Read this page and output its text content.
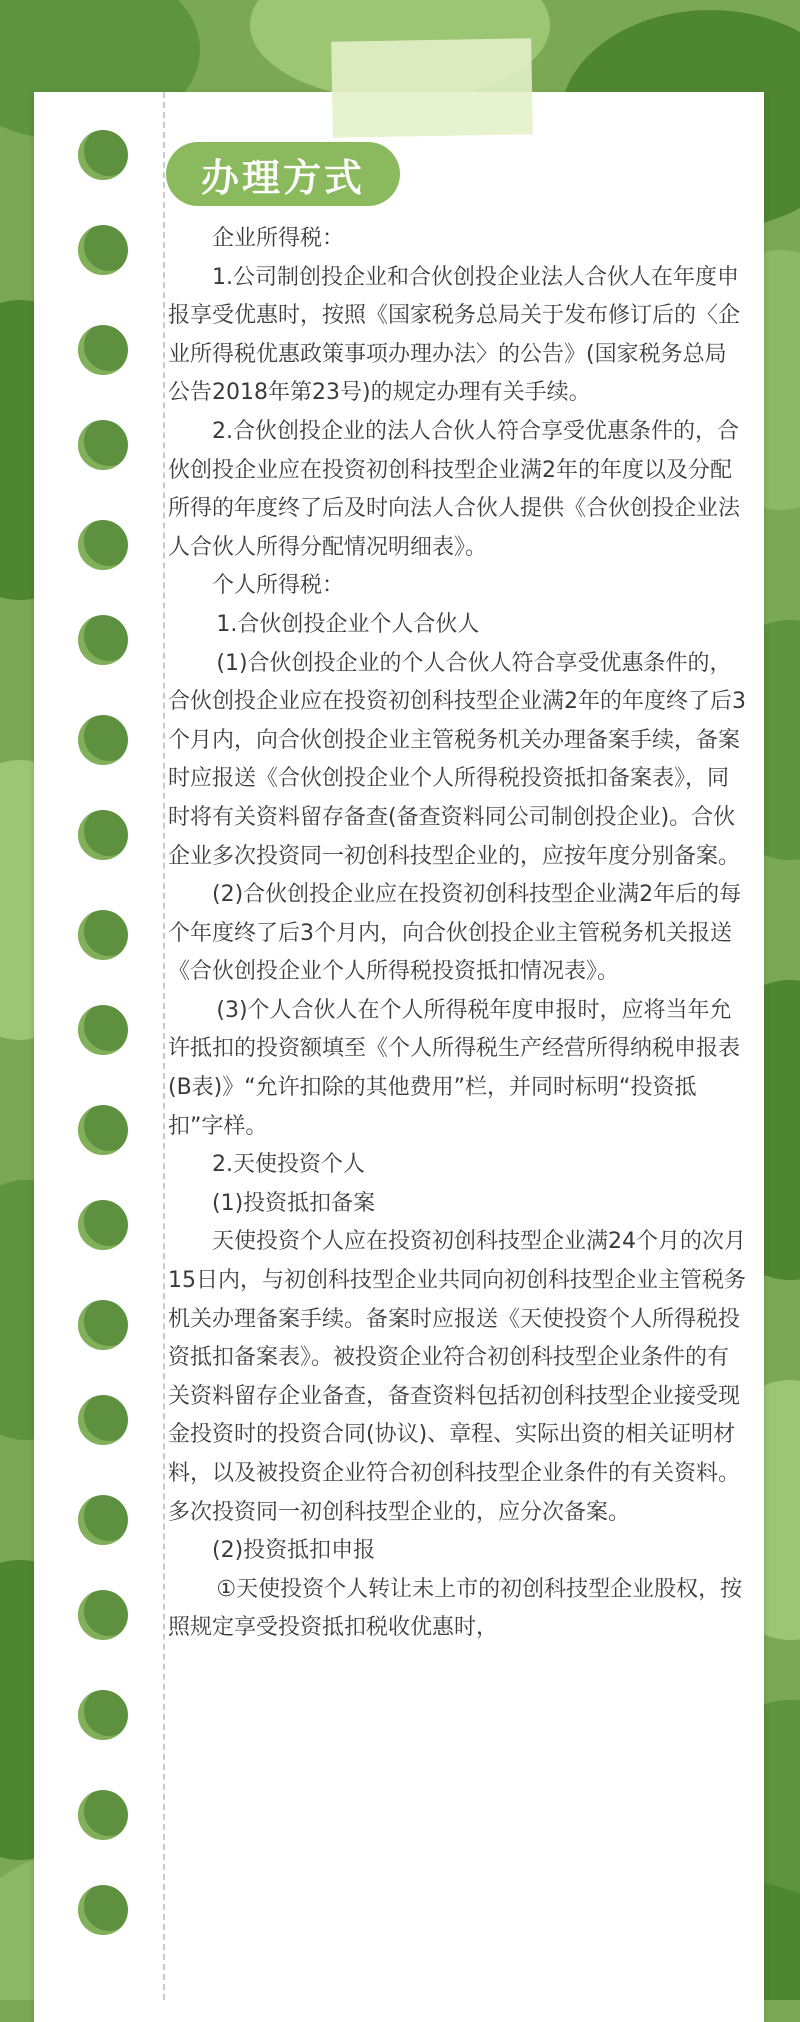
办理方式

企业所得税：

1.公司制创投企业和合伙创投企业法人合伙人在年度申报享受优惠时，按照《国家税务总局关于发布修订后的〈企业所得税优惠政策事项办理办法〉的公告》(国家税务总局公告2018年第23号)的规定办理有关手续。

2.合伙创投企业的法人合伙人符合享受优惠条件的，合伙创投企业应在投资初创科技型企业满2年的年度以及分配所得的年度终了后及时向法人合伙人提供《合伙创投企业法人合伙人所得分配情况明细表》。

个人所得税：

1.合伙创投企业个人合伙人

(1)合伙创投企业的个人合伙人符合享受优惠条件的，合伙创投企业应在投资初创科技型企业满2年的年度终了后3个月内，向合伙创投企业主管税务机关办理备案手续，备案时应报送《合伙创投企业个人所得税投资抵扣备案表》，同时将有关资料留存备查(备查资料同公司制创投企业)。合伙企业多次投资同一初创科技型企业的，应按年度分别备案。

(2)合伙创投企业应在投资初创科技型企业满2年后的每个年度终了后3个月内，向合伙创投企业主管税务机关报送《合伙创投企业个人所得税投资抵扣情况表》。

(3)个人合伙人在个人所得税年度申报时，应将当年允许抵扣的投资额填至《个人所得税生产经营所得纳税申报表(B表)》“允许扣除的其他费用”栏，并同时标明“投资抵扣”字样。

2.天使投资个人

(1)投资抵扣备案

天使投资个人应在投资初创科技型企业满24个月的次月15日内，与初创科技型企业共同向初创科技型企业主管税务机关办理备案手续。备案时应报送《天使投资个人所得税投资抵扣备案表》。被投资企业符合初创科技型企业条件的有关资料留存企业备查，备查资料包括初创科技型企业接受现金投资时的投资合同(协议)、章程、实际出资的相关证明材料，以及被投资企业符合初创科技型企业条件的有关资料。多次投资同一初创科技型企业的，应分次备案。

(2)投资抵扣申报

①天使投资个人转让未上市的初创科技型企业股权，按照规定享受投资抵扣税收优惠时，
